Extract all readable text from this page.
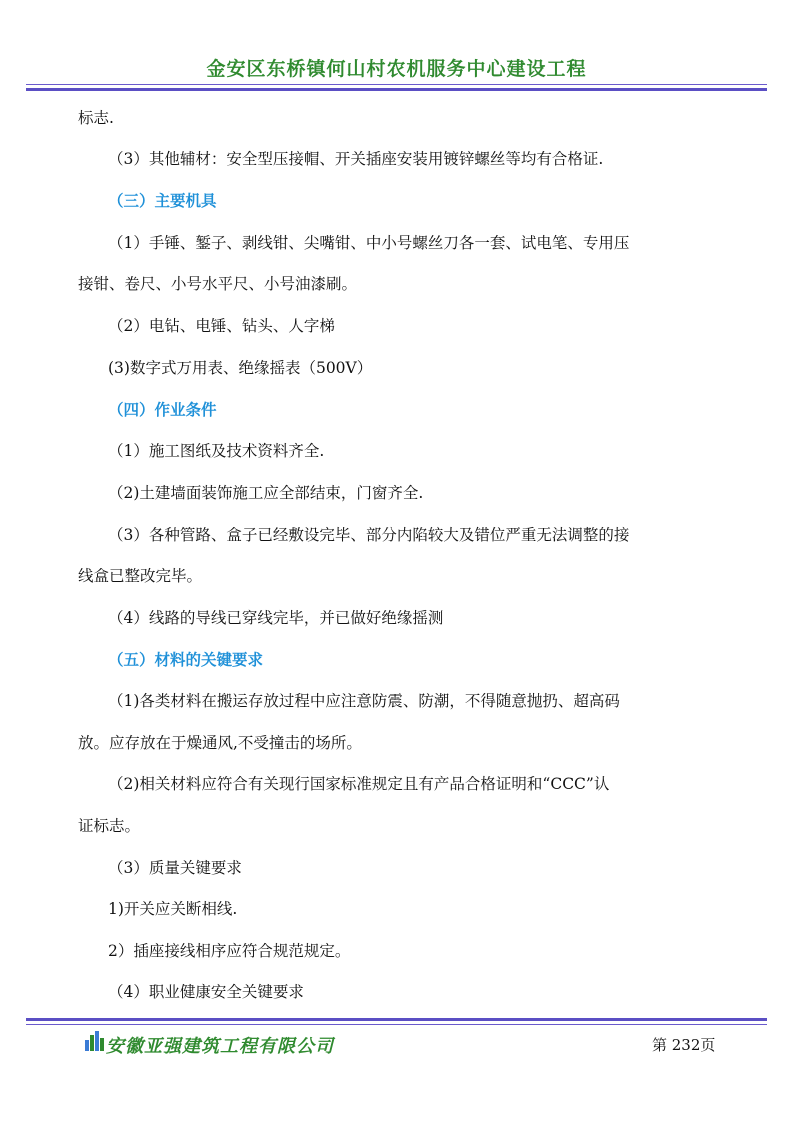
金安区东桥镇何山村农机服务中心建设工程
标志.
（3）其他辅材：安全型压接帽、开关插座安装用镀锌螺丝等均有合格证.
（三）主要机具
（1）手锤、錾子、剥线钳、尖嘴钳、中小号螺丝刀各一套、试电笔、专用压
接钳、卷尺、小号水平尺、小号油漆刷。
（2）电钻、电锤、钻头、人字梯
(3)数字式万用表、绝缘摇表（500V）
（四）作业条件
（1）施工图纸及技术资料齐全.
（2)土建墙面装饰施工应全部结束，门窗齐全.
（3）各种管路、盒子已经敷设完毕、部分内陷较大及错位严重无法调整的接
线盒已整改完毕。
（4）线路的导线已穿线完毕，并已做好绝缘摇测
（五）材料的关键要求
（1)各类材料在搬运存放过程中应注意防震、防潮，不得随意抛扔、超高码
放。应存放在于燥通风,不受撞击的场所。
（2)相关材料应符合有关现行国家标准规定且有产品合格证明和“CCC”认
证标志。
（3）质量关键要求
1)开关应关断相线.
2）插座接线相序应符合规范规定。
（4）职业健康安全关键要求
安徽亚强建筑工程有限公司	第 232页
